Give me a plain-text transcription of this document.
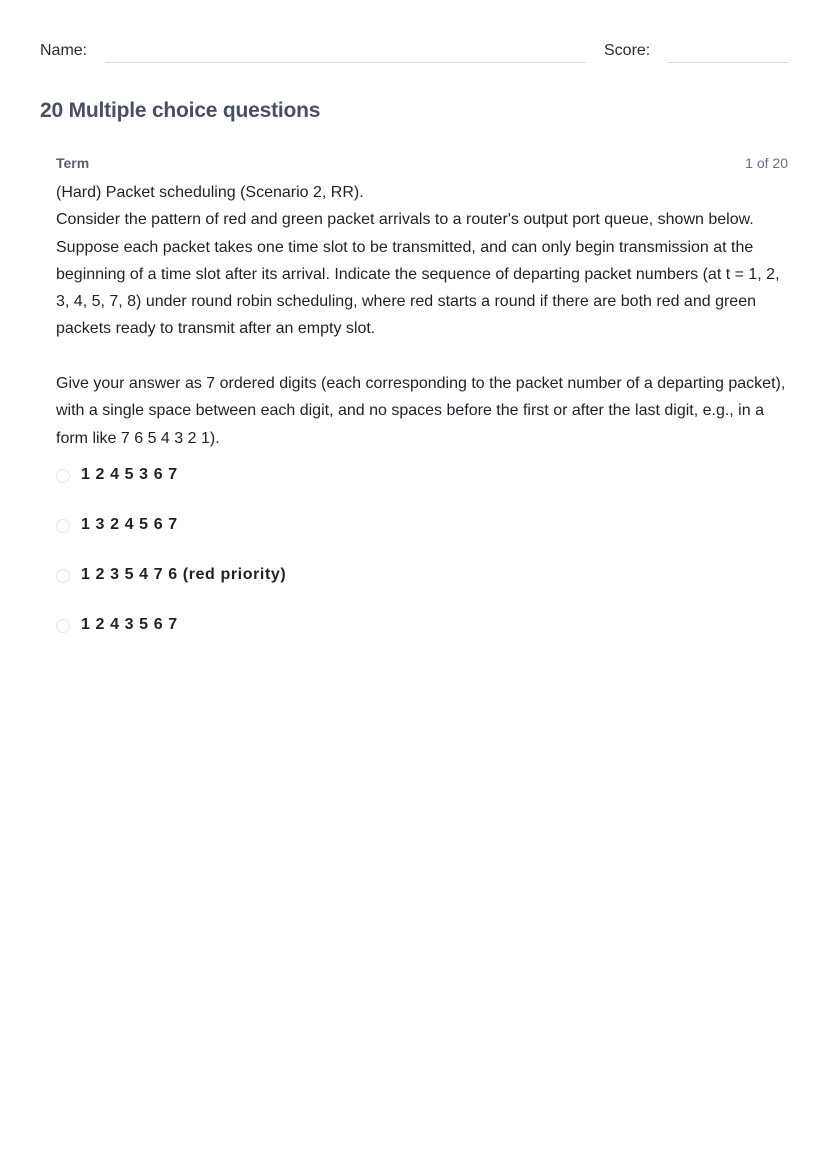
Name:	Score:
20 Multiple choice questions
Term	1 of 20

(Hard) Packet scheduling (Scenario 2, RR).

Consider the pattern of red and green packet arrivals to a router's output port queue, shown below. Suppose each packet takes one time slot to be transmitted, and can only begin transmission at the beginning of a time slot after its arrival. Indicate the sequence of departing packet numbers (at t = 1, 2, 3, 4, 5, 7, 8) under round robin scheduling, where red starts a round if there are both red and green packets ready to transmit after an empty slot.

Give your answer as 7 ordered digits (each corresponding to the packet number of a departing packet), with a single space between each digit, and no spaces before the first or after the last digit, e.g., in a form like 7 6 5 4 3 2 1).

1 2 4 5 3 6 7
1 3 2 4 5 6 7
1 2 3 5 4 7 6 (red priority)
1 2 4 3 5 6 7
